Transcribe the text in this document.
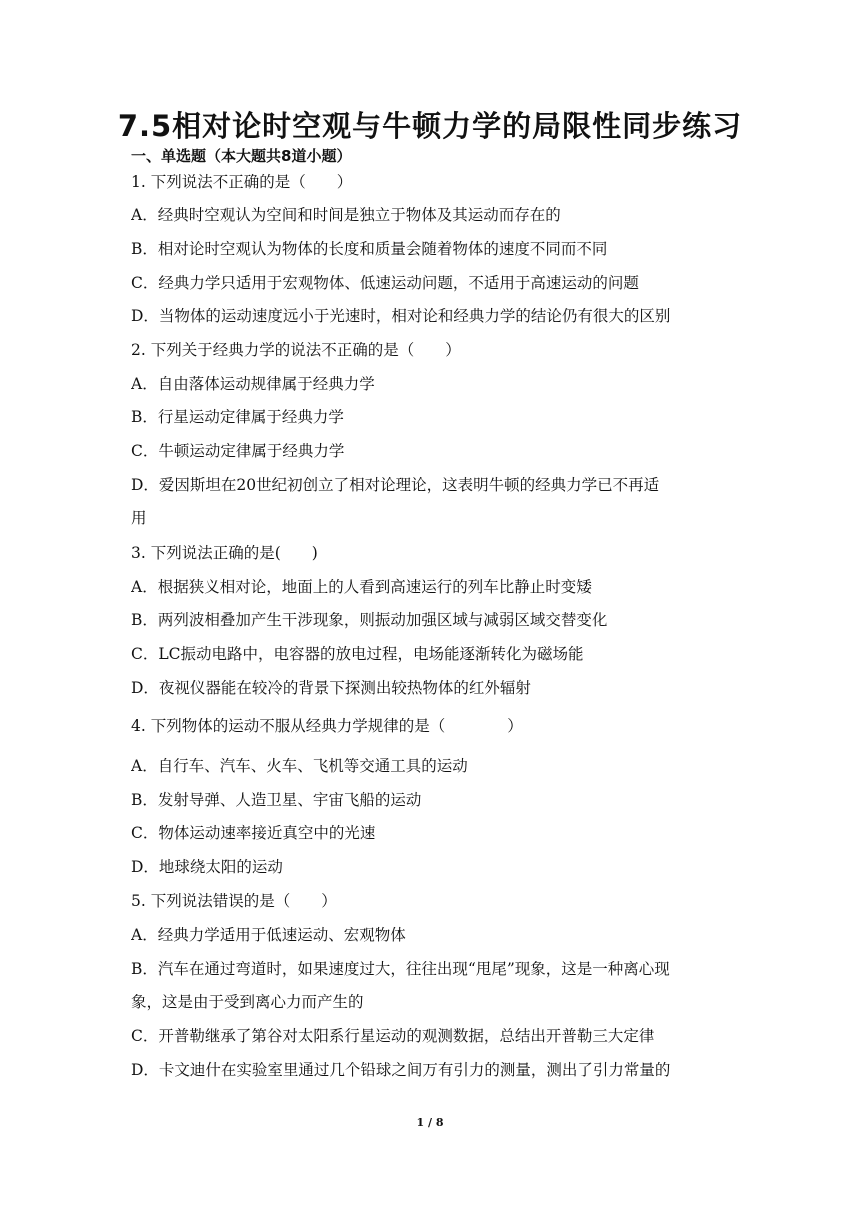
7.5相对论时空观与牛顿力学的局限性同步练习
一、单选题（本大题共8道小题）
1. 下列说法不正确的是（　　）
A．经典时空观认为空间和时间是独立于物体及其运动而存在的
B．相对论时空观认为物体的长度和质量会随着物体的速度不同而不同
C．经典力学只适用于宏观物体、低速运动问题，不适用于高速运动的问题
D．当物体的运动速度远小于光速时，相对论和经典力学的结论仍有很大的区别
2. 下列关于经典力学的说法不正确的是（　　）
A．自由落体运动规律属于经典力学
B．行星运动定律属于经典力学
C．牛顿运动定律属于经典力学
D．爱因斯坦在20世纪初创立了相对论理论，这表明牛顿的经典力学已不再适
用
3. 下列说法正确的是(　　)
A．根据狭义相对论，地面上的人看到高速运行的列车比静止时变矮
B．两列波相叠加产生干涉现象，则振动加强区域与减弱区域交替变化
C．LC振动电路中，电容器的放电过程，电场能逐渐转化为磁场能
D．夜视仪器能在较冷的背景下探测出较热物体的红外辐射
4. 下列物体的运动不服从经典力学规律的是（　　　　）
A．自行车、汽车、火车、飞机等交通工具的运动
B．发射导弹、人造卫星、宇宙飞船的运动
C．物体运动速率接近真空中的光速
D．地球绕太阳的运动
5. 下列说法错误的是（　　）
A．经典力学适用于低速运动、宏观物体
B．汽车在通过弯道时，如果速度过大，往往出现“甩尾”现象，这是一种离心现
象，这是由于受到离心力而产生的
C．开普勒继承了第谷对太阳系行星运动的观测数据，总结出开普勒三大定律
D．卡文迪什在实验室里通过几个铅球之间万有引力的测量，测出了引力常量的
1 / 8
